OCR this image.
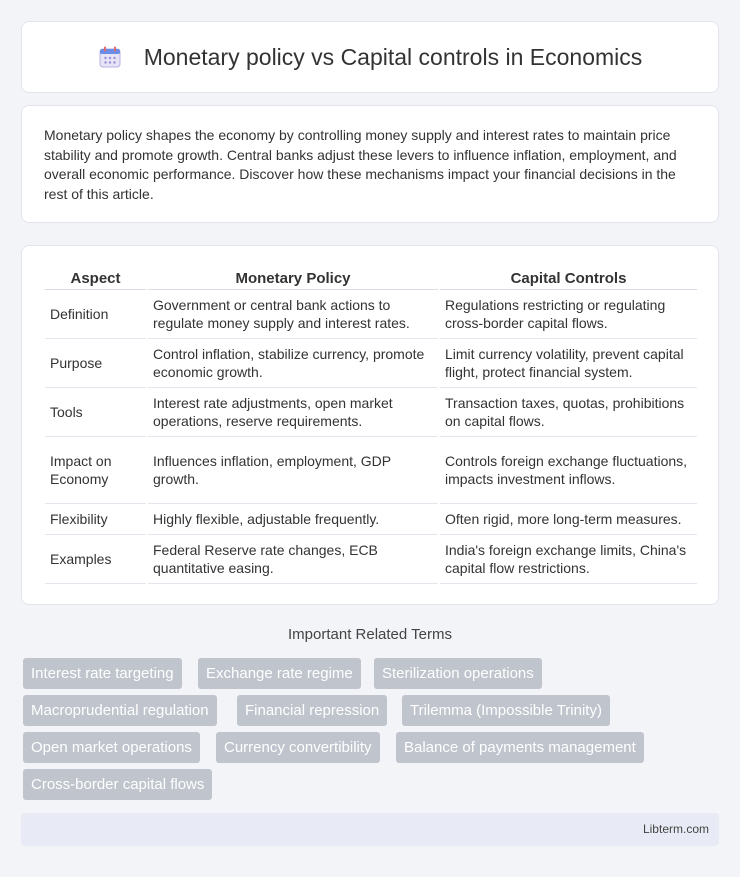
Monetary policy vs Capital controls in Economics

Monetary policy shapes the economy by controlling money supply and interest rates to maintain price stability and promote growth. Central banks adjust these levers to influence inflation, employment, and overall economic performance. Discover how these mechanisms impact your financial decisions in the rest of this article.

Aspect	Monetary Policy	Capital Controls
Definition	Government or central bank actions to regulate money supply and interest rates.	Regulations restricting or regulating cross-border capital flows.
Purpose	Control inflation, stabilize currency, promote economic growth.	Limit currency volatility, prevent capital flight, protect financial system.
Tools	Interest rate adjustments, open market operations, reserve requirements.	Transaction taxes, quotas, prohibitions on capital flows.
Impact on Economy	Influences inflation, employment, GDP growth.	Controls foreign exchange fluctuations, impacts investment inflows.
Flexibility	Highly flexible, adjustable frequently.	Often rigid, more long-term measures.
Examples	Federal Reserve rate changes, ECB quantitative easing.	India's foreign exchange limits, China's capital flow restrictions.
Important Related Terms
Interest rate targeting	Exchange rate regime	Sterilization operations
Macroprudential regulation	Financial repression	Trilemma (Impossible Trinity)
Open market operations	Currency convertibility	Balance of payments management
Cross-border capital flows
Libterm.com
